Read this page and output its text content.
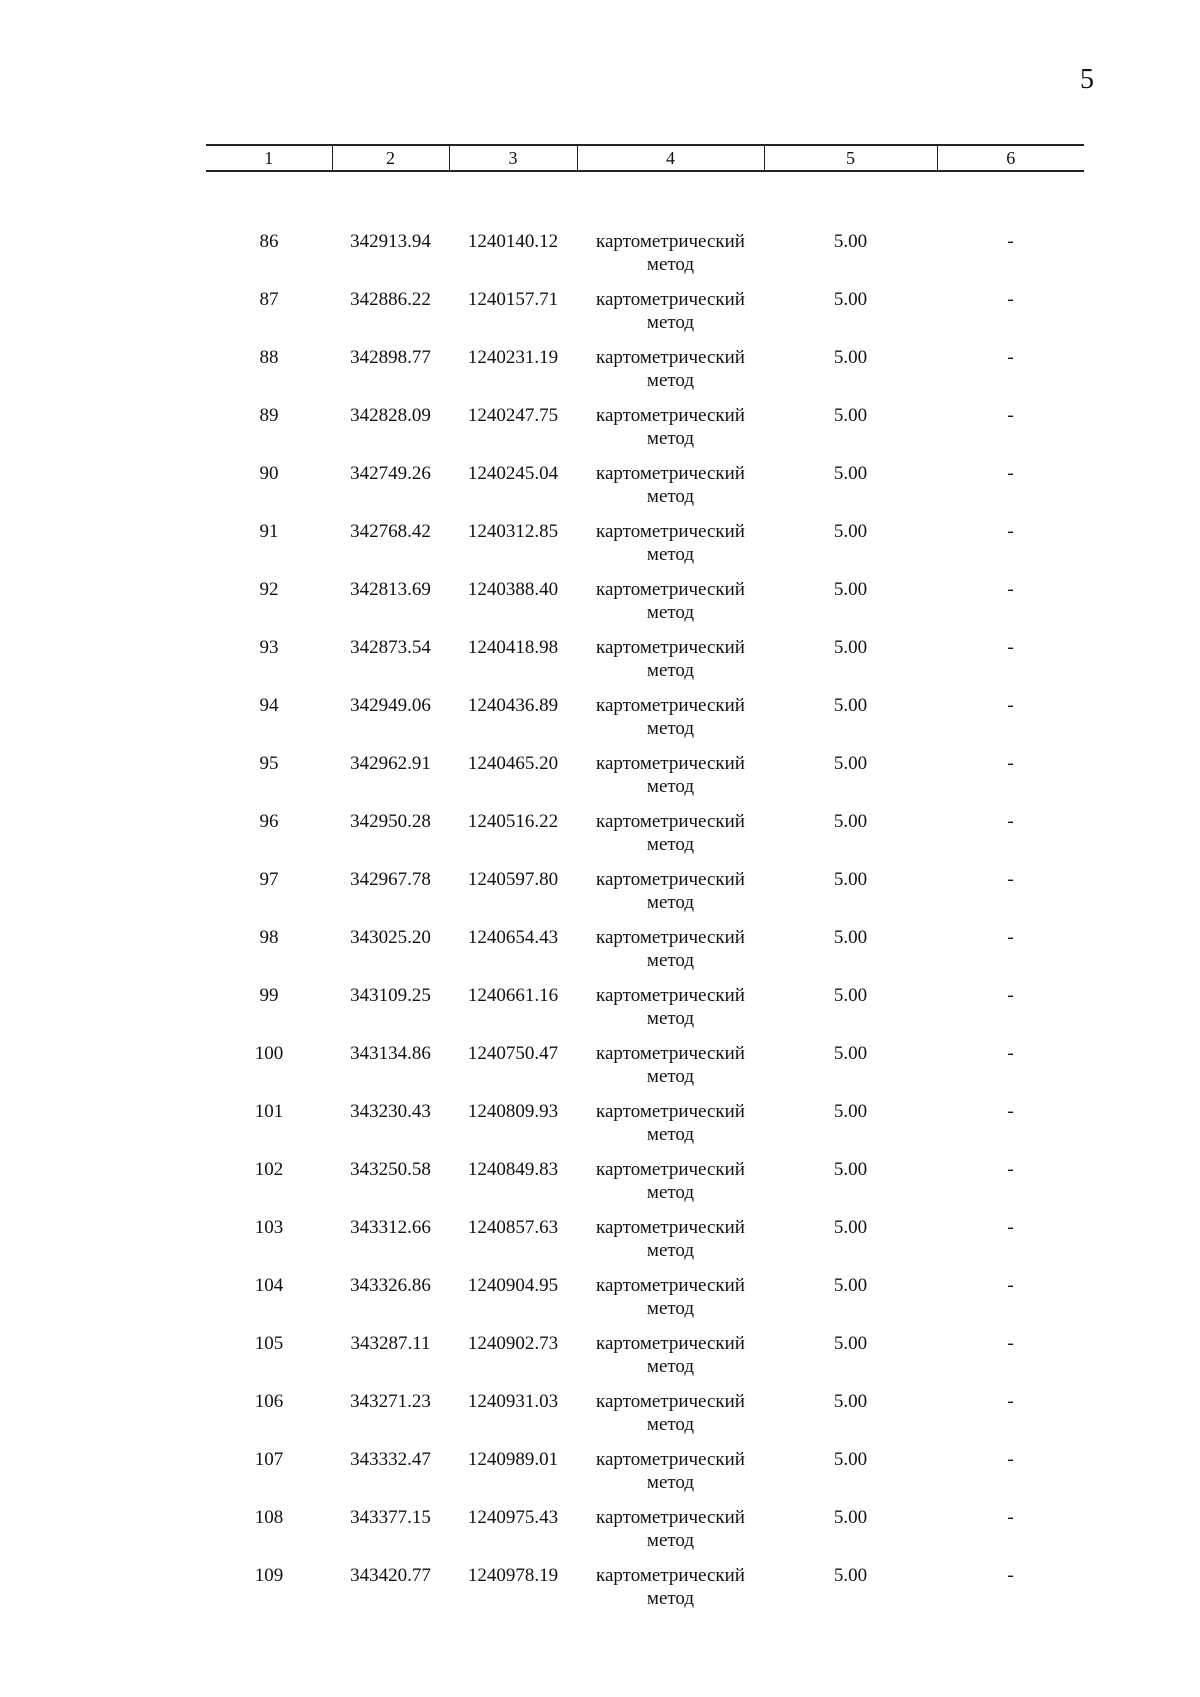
5
1	2	3	4	5	6

86	342913.94	1240140.12	картометрический
метод	5.00	-
87	342886.22	1240157.71	картометрический
метод	5.00	-
88	342898.77	1240231.19	картометрический
метод	5.00	-
89	342828.09	1240247.75	картометрический
метод	5.00	-
90	342749.26	1240245.04	картометрический
метод	5.00	-
91	342768.42	1240312.85	картометрический
метод	5.00	-
92	342813.69	1240388.40	картометрический
метод	5.00	-
93	342873.54	1240418.98	картометрический
метод	5.00	-
94	342949.06	1240436.89	картометрический
метод	5.00	-
95	342962.91	1240465.20	картометрический
метод	5.00	-
96	342950.28	1240516.22	картометрический
метод	5.00	-
97	342967.78	1240597.80	картометрический
метод	5.00	-
98	343025.20	1240654.43	картометрический
метод	5.00	-
99	343109.25	1240661.16	картометрический
метод	5.00	-
100	343134.86	1240750.47	картометрический
метод	5.00	-
101	343230.43	1240809.93	картометрический
метод	5.00	-
102	343250.58	1240849.83	картометрический
метод	5.00	-
103	343312.66	1240857.63	картометрический
метод	5.00	-
104	343326.86	1240904.95	картометрический
метод	5.00	-
105	343287.11	1240902.73	картометрический
метод	5.00	-
106	343271.23	1240931.03	картометрический
метод	5.00	-
107	343332.47	1240989.01	картометрический
метод	5.00	-
108	343377.15	1240975.43	картометрический
метод	5.00	-
109	343420.77	1240978.19	картометрический
метод	5.00	-
